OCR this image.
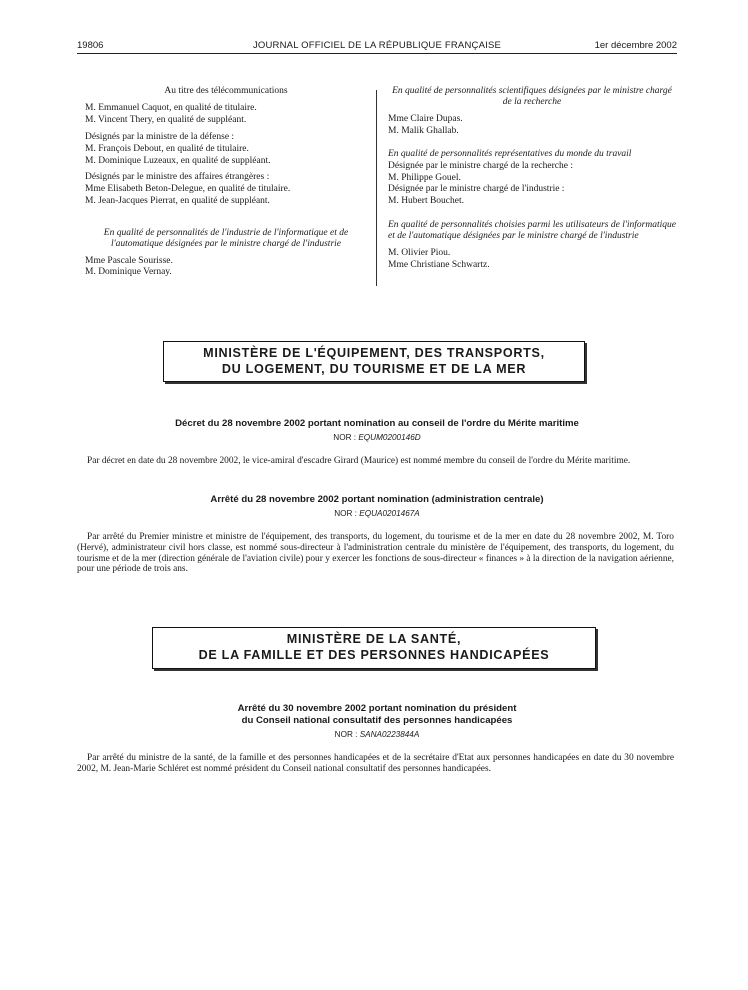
19806	JOURNAL OFFICIEL DE LA RÉPUBLIQUE FRANÇAISE	1er décembre 2002

Au titre des télécommunications

M. Emmanuel Caquot, en qualité de titulaire.

M. Vincent Thery, en qualité de suppléant.

Désignés par la ministre de la défense :

M. François Debout, en qualité de titulaire.

M. Dominique Luzeaux, en qualité de suppléant.

Désignés par le ministre des affaires étrangères :

Mme Elisabeth Beton-Delegue, en qualité de titulaire.

M. Jean-Jacques Pierrat, en qualité de suppléant.

En qualité de personnalités de l'industrie de l'informatique et de l'automatique désignées par le ministre chargé de l'industrie

Mme Pascale Sourisse.

M. Dominique Vernay.

En qualité de personnalités scientifiques désignées par le ministre chargé de la recherche

Mme Claire Dupas.

M. Malik Ghallab.

En qualité de personnalités représentatives du monde du travail

Désignée par le ministre chargé de la recherche :

M. Philippe Gouel.

Désignée par le ministre chargé de l'industrie :

M. Hubert Bouchet.

En qualité de personnalités choisies parmi les utilisateurs de l'informatique et de l'automatique désignées par le ministre chargé de l'industrie

M. Olivier Piou.

Mme Christiane Schwartz.

MINISTÈRE DE L'ÉQUIPEMENT, DES TRANSPORTS,
DU LOGEMENT, DU TOURISME ET DE LA MER
Décret du 28 novembre 2002 portant nomination au conseil de l'ordre du Mérite maritime
NOR : EQUM0200146D
Par décret en date du 28 novembre 2002, le vice-amiral d'escadre Girard (Maurice) est nommé membre du conseil de l'ordre du Mérite maritime.
Arrêté du 28 novembre 2002 portant nomination (administration centrale)
NOR : EQUA0201467A
Par arrêté du Premier ministre et ministre de l'équipement, des transports, du logement, du tourisme et de la mer en date du 28 novembre 2002, M. Toro (Hervé), administrateur civil hors classe, est nommé sous-directeur à l'administration centrale du ministère de l'équipement, des transports, du logement, du tourisme et de la mer (direction générale de l'aviation civile) pour y exercer les fonctions de sous-directeur « finances » à la direction de la navigation aérienne, pour une période de trois ans.
MINISTÈRE DE LA SANTÉ,
DE LA FAMILLE ET DES PERSONNES HANDICAPÉES
Arrêté du 30 novembre 2002 portant nomination du président
du Conseil national consultatif des personnes handicapées
NOR : SANA0223844A
Par arrêté du ministre de la santé, de la famille et des personnes handicapées et de la secrétaire d'Etat aux personnes handicapées en date du 30 novembre 2002, M. Jean-Marie Schléret est nommé président du Conseil national consultatif des personnes handicapées.
